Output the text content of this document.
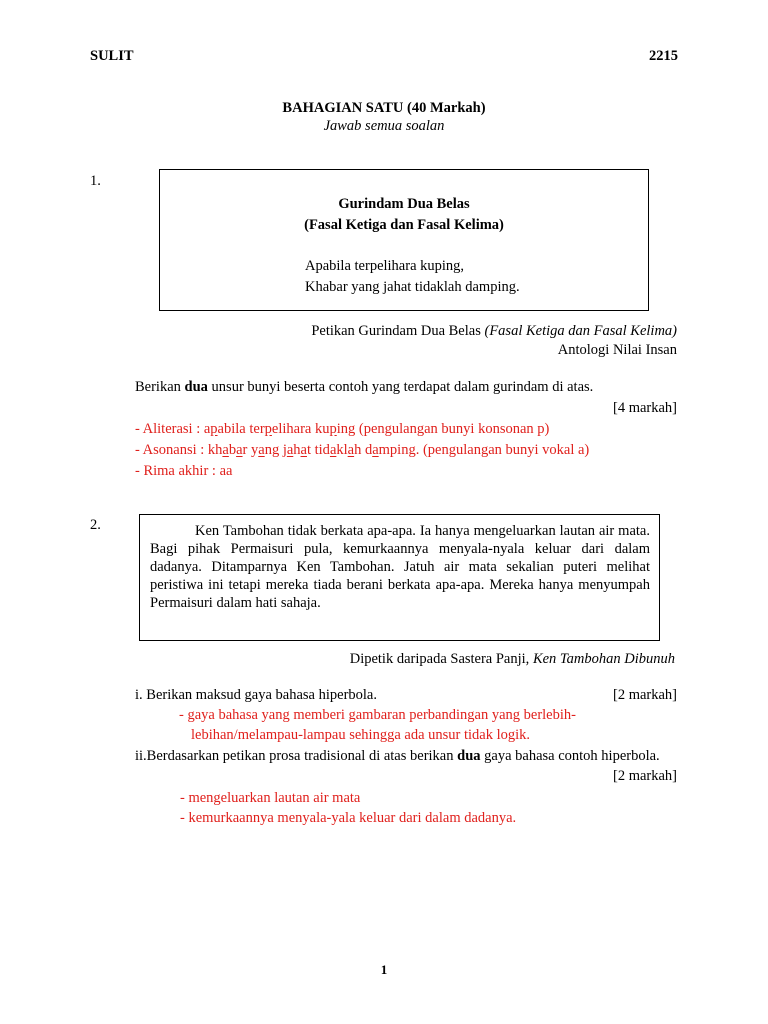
SULIT	2215
BAHAGIAN SATU (40 Markah)
Jawab semua soalan
1.
Gurindam Dua Belas
(Fasal Ketiga dan Fasal Kelima)
Apabila terpelihara kuping,
Khabar yang jahat tidaklah damping.
Petikan Gurindam Dua Belas (Fasal Ketiga dan Fasal Kelima)
Antologi Nilai Insan
Berikan dua unsur bunyi beserta contoh yang terdapat dalam gurindam di atas.
[4 markah]
- Aliterasi : apabila terpelihara kuping (pengulangan bunyi konsonan p)
- Asonansi : khabar yang jahat tidaklah damping. (pengulangan bunyi vokal a)
- Rima akhir : aa
2.	Ken Tambohan tidak berkata apa-apa. Ia hanya mengeluarkan lautan air mata. Bagi pihak Permaisuri pula, kemurkaannya menyala-nyala keluar dari dalam dadanya. Ditamparnya Ken Tambohan. Jatuh air mata sekalian puteri melihat peristiwa ini tetapi mereka tiada berani berkata apa-apa. Mereka hanya menyumpah Permaisuri dalam hati sahaja.
Dipetik daripada Sastera Panji, Ken Tambohan Dibunuh
i. Berikan maksud gaya bahasa hiperbola.	[2 markah]
- gaya bahasa yang memberi gambaran perbandingan yang berlebih-
lebihan/melampau-lampau sehingga ada unsur tidak logik.
ii.Berdasarkan petikan prosa tradisional di atas berikan dua gaya bahasa contoh hiperbola.
[2 markah]
- mengeluarkan lautan air mata
- kemurkaannya menyala-yala keluar dari dalam dadanya.
1
